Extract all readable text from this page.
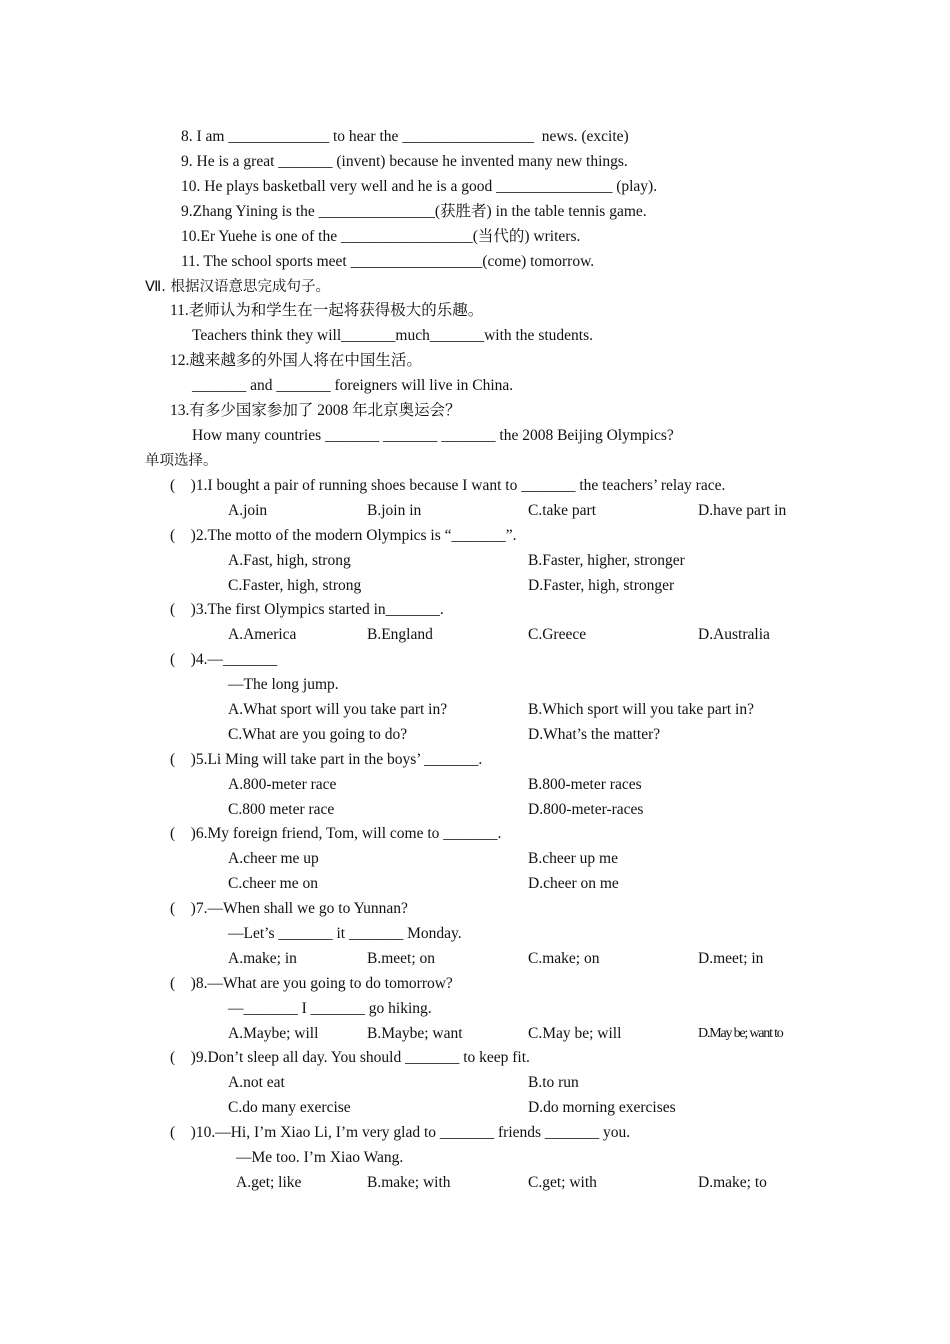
8. I am _____________ to hear the _________________  news. (excite)
9. He is a great _______ (invent) because he invented many new things.
10. He plays basketball very well and he is a good _______________ (play).
9.Zhang Yining is the _______________(获胜者) in the table tennis game.
10.Er Yuehe is one of the _________________(当代的) writers.
11. The school sports meet _________________(come) tomorrow.
Ⅶ. 根据汉语意思完成句子。
11.老师认为和学生在一起将获得极大的乐趣。
Teachers think they will_______much_______with the students.
12.越来越多的外国人将在中国生活。
_______ and _______ foreigners will live in China.
13.有多少国家参加了 2008 年北京奥运会？
How many countries _______ _______ _______ the 2008 Beijing Olympics?
单项选择。
(    )1.I bought a pair of running shoes because I want to _______ the teachers’ relay race.
A.join	B.join in	C.take part	D.have part in
(    )2.The motto of the modern Olympics is “_______”.
A.Fast, high, strong	B.Faster, higher, stronger
C.Faster, high, strong	D.Faster, high, stronger
(    )3.The first Olympics started in_______.
A.America	B.England	C.Greece	D.Australia
(    )4.—_______
—The long jump.
A.What sport will you take part in?	B.Which sport will you take part in?
C.What are you going to do?	D.What’s the matter?
(    )5.Li Ming will take part in the boys’ _______.
A.800-meter race	B.800-meter races
C.800 meter race	D.800-meter-races
(    )6.My foreign friend, Tom, will come to _______.
A.cheer me up	B.cheer up me
C.cheer me on	D.cheer on me
(    )7.—When shall we go to Yunnan?
—Let’s _______ it _______ Monday.
A.make; in	B.meet; on	C.make; on	D.meet; in
(    )8.—What are you going to do tomorrow?
—_______ I _______ go hiking.
A.Maybe; will	B.Maybe; want	C.May be; will	D.May be; want to
(    )9.Don’t sleep all day. You should _______ to keep fit.
A.not eat	B.to run
C.do many exercise	D.do morning exercises
(    )10.—Hi, I’m Xiao Li, I’m very glad to _______ friends _______ you.
—Me too. I’m Xiao Wang.
A.get; like	B.make; with	C.get; with	D.make; to
